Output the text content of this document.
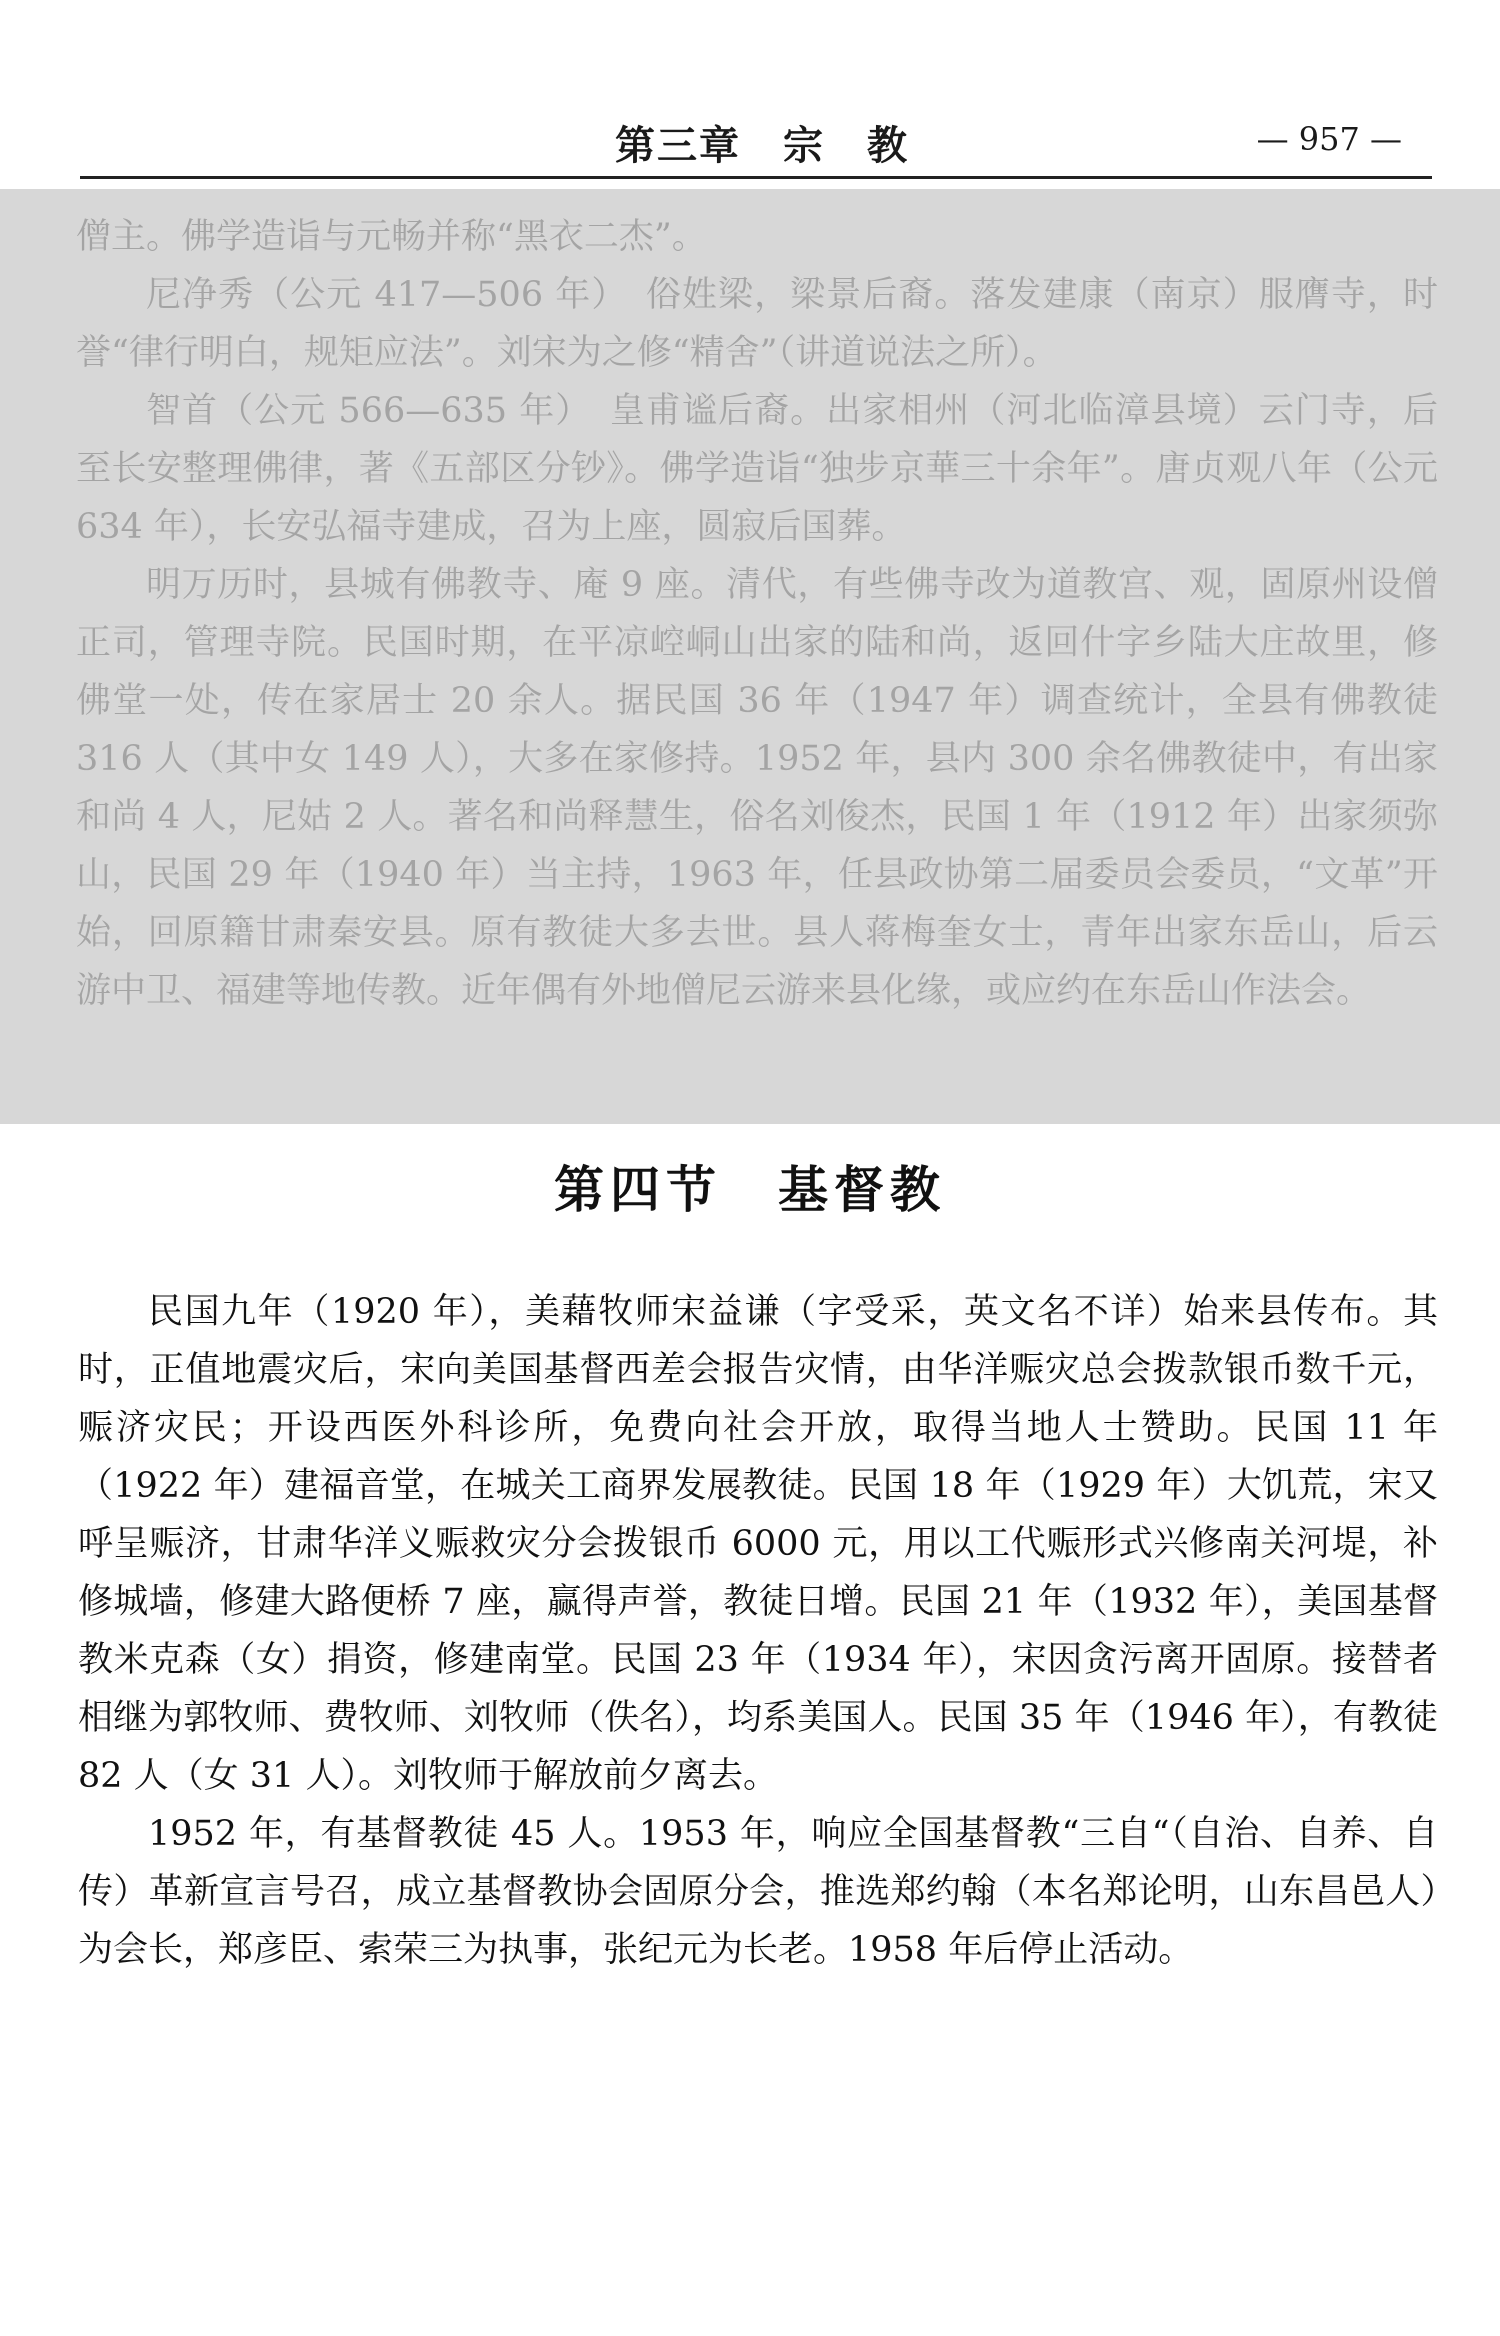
第三章　宗　教	— 957 —

僧主。佛学造诣与元畅并称“黑衣二杰”。

尼净秀（公元 417—506 年）　俗姓梁，梁景后裔。落发建康（南京）服膺寺，时誉“律行明白，规矩应法”。刘宋为之修“精舍”（讲道说法之所）。

智首（公元 566—635 年）　皇甫谧后裔。出家相州（河北临漳县境）云门寺，后至长安整理佛律，著《五部区分钞》。佛学造诣“独步京華三十余年”。唐贞观八年（公元 634 年），长安弘福寺建成，召为上座，圆寂后国葬。

明万历时，县城有佛教寺、庵 9 座。清代，有些佛寺改为道教宫、观，固原州设僧正司，管理寺院。民国时期，在平凉崆峒山出家的陆和尚，返回什字乡陆大庄故里，修佛堂一处，传在家居士 20 余人。据民国 36 年（1947 年）调查统计，全县有佛教徒 316 人（其中女 149 人），大多在家修持。1952 年，县内 300 余名佛教徒中，有出家和尚 4 人，尼姑 2 人。著名和尚释慧生，俗名刘俊杰，民国 1 年（1912 年）出家须弥山，民国 29 年（1940 年）当主持，1963 年，任县政协第二届委员会委员，“文革”开始，回原籍甘肃秦安县。原有教徒大多去世。县人蒋梅奎女士，青年出家东岳山，后云游中卫、福建等地传教。近年偶有外地僧尼云游来县化缘，或应约在东岳山作法会。

第四节 基督教

民国九年（1920 年），美藉牧师宋益谦（字受采，英文名不详）始来县传布。其时，正值地震灾后，宋向美国基督西差会报告灾情，由华洋赈灾总会拨款银币数千元，赈济灾民；开设西医外科诊所，免费向社会开放，取得当地人士赞助。民国 11 年（1922 年）建福音堂，在城关工商界发展教徒。民国 18 年（1929 年）大饥荒，宋又呼呈赈济，甘肃华洋义赈救灾分会拨银币 6000 元，用以工代赈形式兴修南关河堤，补修城墙，修建大路便桥 7 座，赢得声誉，教徒日增。民国 21 年（1932 年），美国基督教米克森（女）捐资，修建南堂。民国 23 年（1934 年），宋因贪污离开固原。接替者相继为郭牧师、费牧师、刘牧师（佚名），均系美国人。民国 35 年（1946 年），有教徒 82 人（女 31 人）。刘牧师于解放前夕离去。

1952 年，有基督教徒 45 人。1953 年，响应全国基督教“三自“（自治、自养、自传）革新宣言号召，成立基督教协会固原分会，推选郑约翰（本名郑论明，山东昌邑人）为会长，郑彦臣、索荣三为执事，张纪元为长老。1958 年后停止活动。
